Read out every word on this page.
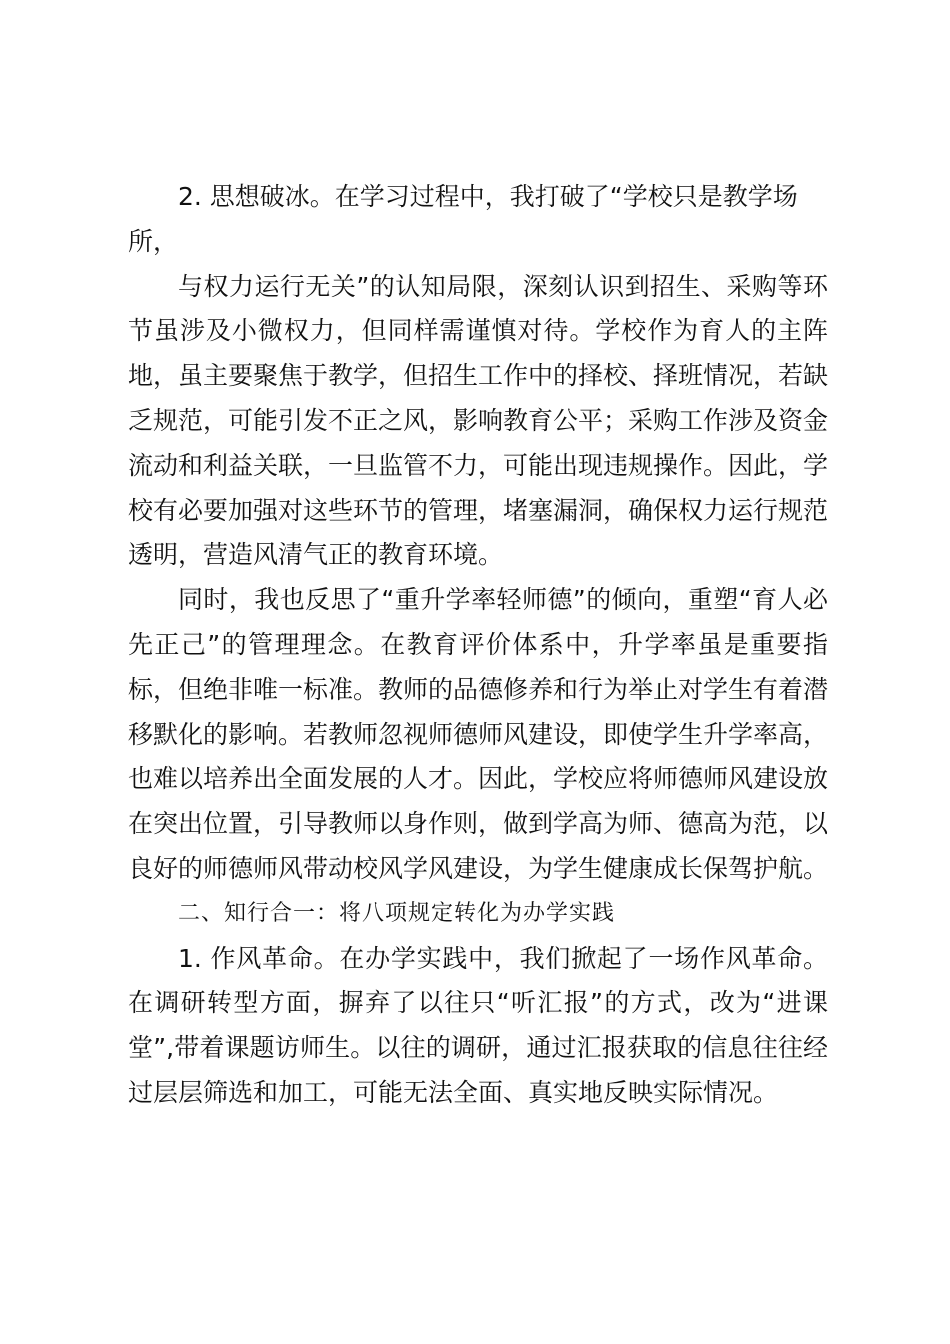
2. 思想破冰。在学习过程中，我打破了“学校只是教学场

所，

与权力运行无关”的认知局限，深刻认识到招生、采购等环节虽涉及小微权力，但同样需谨慎对待。学校作为育人的主阵地，虽主要聚焦于教学，但招生工作中的择校、择班情况，若缺乏规范，可能引发不正之风，影响教育公平；采购工作涉及资金流动和利益关联，一旦监管不力，可能出现违规操作。因此，学校有必要加强对这些环节的管理，堵塞漏洞，确保权力运行规范透明，营造风清气正的教育环境。

同时，我也反思了“重升学率轻师德”的倾向，重塑“育人必先正己”的管理理念。在教育评价体系中，升学率虽是重要指标，但绝非唯一标准。教师的品德修养和行为举止对学生有着潜移默化的影响。若教师忽视师德师风建设，即使学生升学率高，也难以培养出全面发展的人才。因此，学校应将师德师风建设放在突出位置，引导教师以身作则，做到学高为师、德高为范，以良好的师德师风带动校风学风建设，为学生健康成长保驾护航。

二、知行合一：将八项规定转化为办学实践

1. 作风革命。在办学实践中，我们掀起了一场作风革命。在调研转型方面，摒弃了以往只“听汇报”的方式，改为“进课堂”,带着课题访师生。以往的调研，通过汇报获取的信息往往经过层层筛选和加工，可能无法全面、真实地反映实际情况。
